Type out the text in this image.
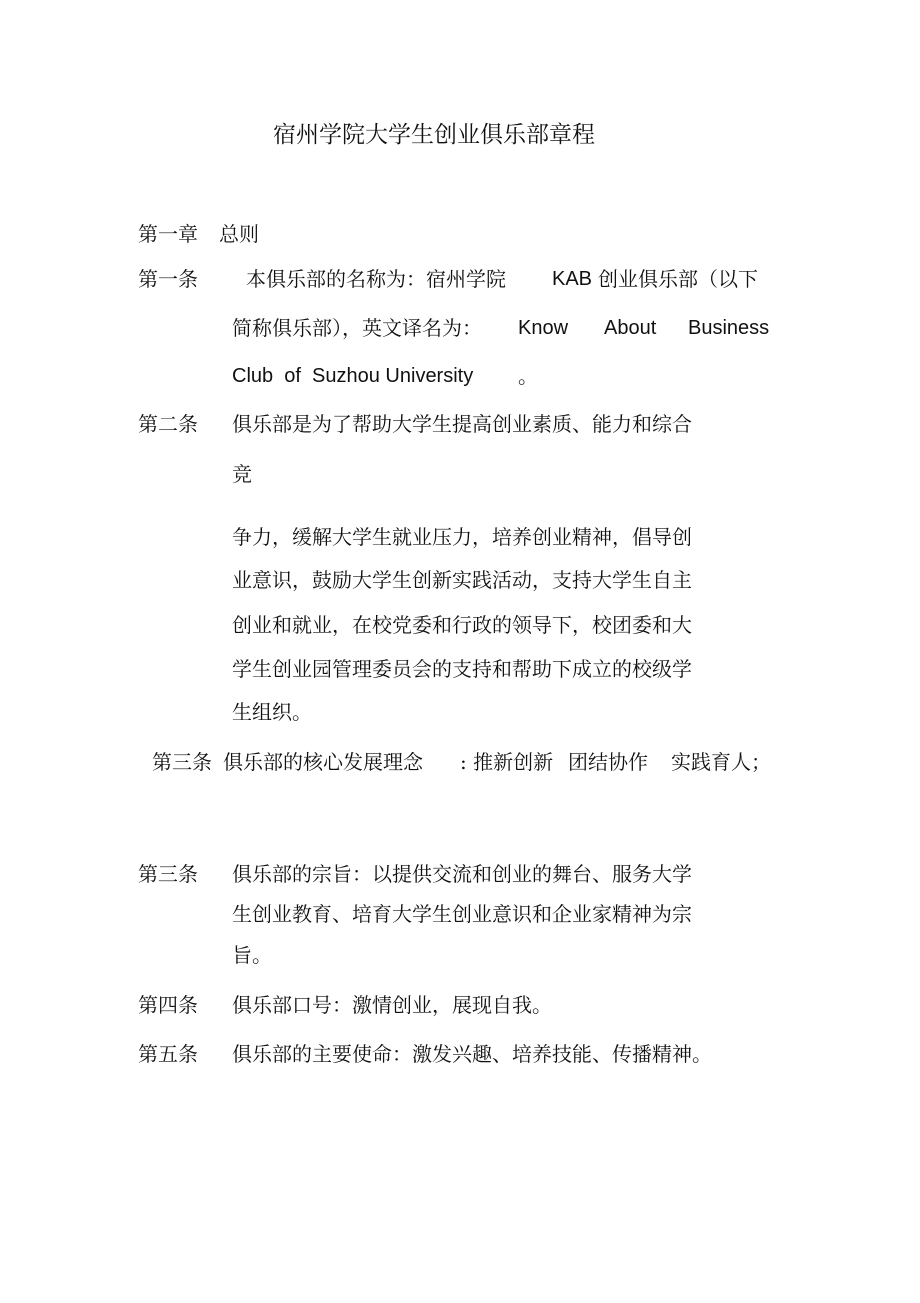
宿州学院大学生创业俱乐部章程
第一章 总则
第一条 本俱乐部的名称为：宿州学院 KAB 创业俱乐部（以下
简称俱乐部），英文译名为： Know About Business
Club  of  Suzhou University 。
第二条 俱乐部是为了帮助大学生提高创业素质、能力和综合
竞
争力，缓解大学生就业压力，培养创业精神，倡导创
业意识，鼓励大学生创新实践活动，支持大学生自主
创业和就业，在校党委和行政的领导下，校团委和大
学生创业园管理委员会的支持和帮助下成立的校级学
生组织。
第三条 俱乐部的核心发展理念 : 推新创新 团结协作 实践育人；
第三条 俱乐部的宗旨：以提供交流和创业的舞台、服务大学
生创业教育、培育大学生创业意识和企业家精神为宗
旨。
第四条 俱乐部口号：激情创业，展现自我。
第五条 俱乐部的主要使命：激发兴趣、培养技能、传播精神。
